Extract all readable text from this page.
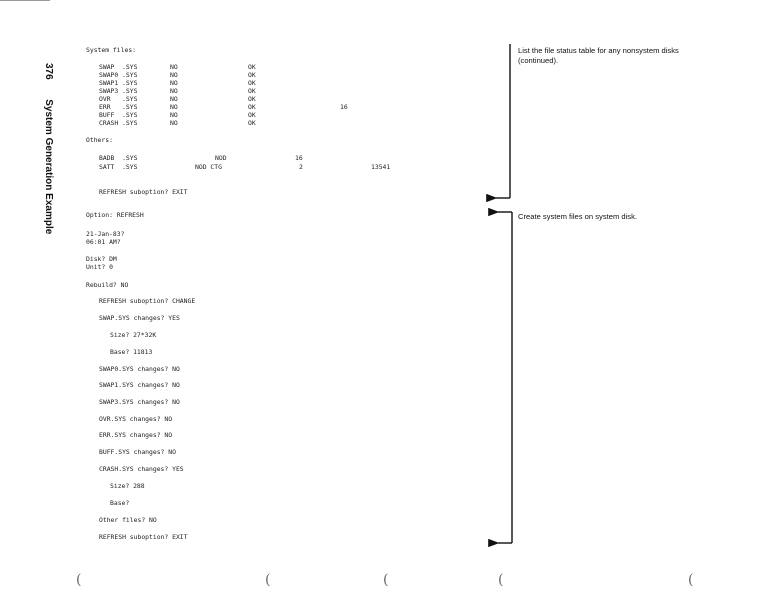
376  System Generation Example
System files:
SWAP  .SYS	NO	OK
SWAP0 .SYS	NO	OK
SWAP1 .SYS	NO	OK
SWAP3 .SYS	NO	OK
OVR   .SYS	NO	OK
ERR   .SYS	NO	OK	16
BUFF  .SYS	NO	OK
CRASH .SYS	NO	OK
Others:
BADB  .SYS	NOD	16
SATT  .SYS	NOD CTG	2	13541
REFRESH suboption? EXIT
Option: REFRESH
21-Jan-83?
06:01 AM?
Disk? DM
Unit? 0
Rebuild? NO
REFRESH suboption? CHANGE
SWAP.SYS changes? YES
Size? 27*32K
Base? 11813
SWAP0.SYS changes? NO
SWAP1.SYS changes? NO
SWAP3.SYS changes? NO
OVR.SYS changes? NO
ERR.SYS changes? NO
BUFF.SYS changes? NO
CRASH.SYS changes? YES
Size? 288
Base?
Other files? NO
REFRESH suboption? EXIT
List the file status table for any nonsystem disks (continued).
Create system files on system disk.
(	(	(	(	(
